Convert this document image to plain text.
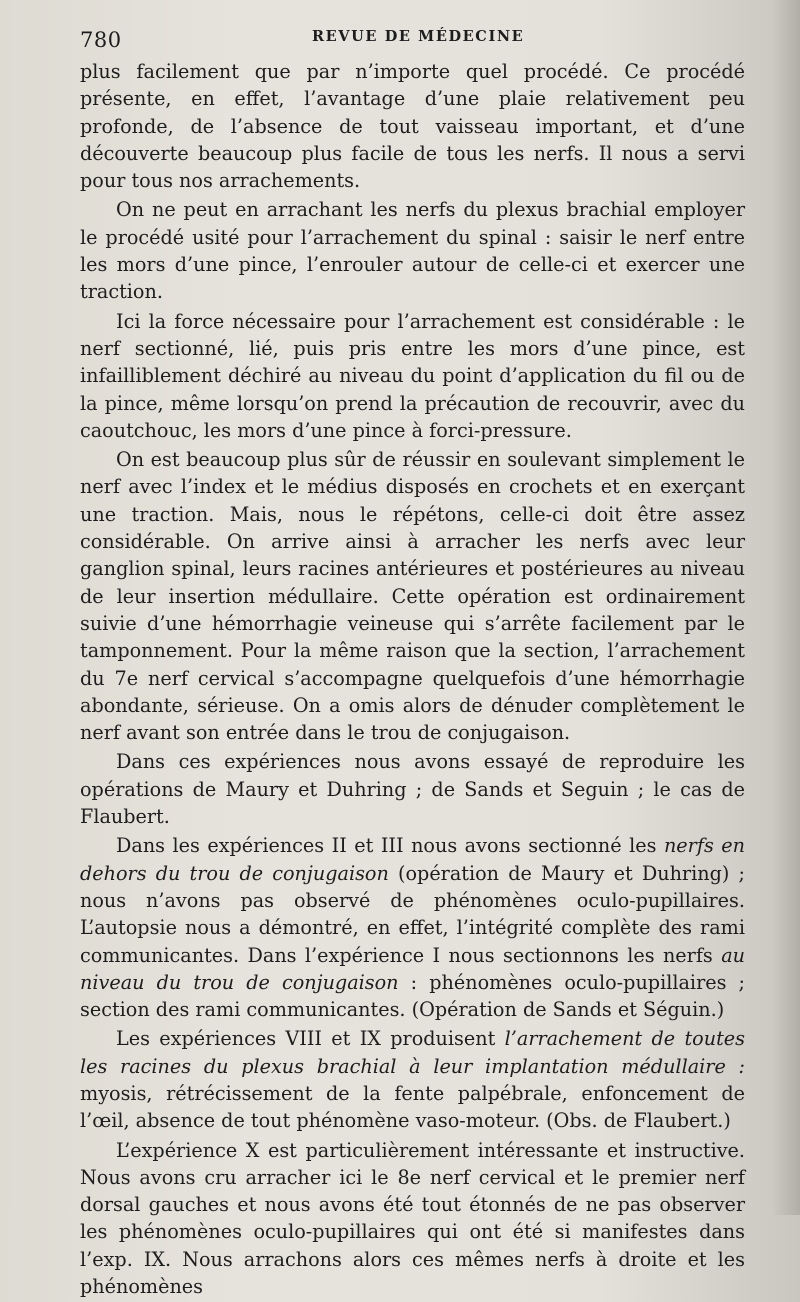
780	REVUE DE MÉDECINE

plus facilement que par n’importe quel procédé. Ce procédé présente, en effet, l’avantage d’une plaie relativement peu profonde, de l’absence de tout vaisseau important, et d’une découverte beaucoup plus facile de tous les nerfs. Il nous a servi pour tous nos arrachements.

On ne peut en arrachant les nerfs du plexus brachial employer le procédé usité pour l’arrachement du spinal : saisir le nerf entre les mors d’une pince, l’enrouler autour de celle-ci et exercer une traction.

Ici la force nécessaire pour l’arrachement est considérable : le nerf sectionné, lié, puis pris entre les mors d’une pince, est infailliblement déchiré au niveau du point d’application du fil ou de la pince, même lorsqu’on prend la précaution de recouvrir, avec du caoutchouc, les mors d’une pince à forci-pressure.

On est beaucoup plus sûr de réussir en soulevant simplement le nerf avec l’index et le médius disposés en crochets et en exerçant une traction. Mais, nous le répétons, celle-ci doit être assez considérable. On arrive ainsi à arracher les nerfs avec leur ganglion spinal, leurs racines antérieures et postérieures au niveau de leur insertion médullaire. Cette opération est ordinairement suivie d’une hémorrhagie veineuse qui s’arrête facilement par le tamponnement. Pour la même raison que la section, l’arrachement du 7e nerf cervical s’accompagne quelquefois d’une hémorrhagie abondante, sérieuse. On a omis alors de dénuder complètement le nerf avant son entrée dans le trou de conjugaison.

Dans ces expériences nous avons essayé de reproduire les opérations de Maury et Duhring ; de Sands et Seguin ; le cas de Flaubert.

Dans les expériences II et III nous avons sectionné les nerfs en dehors du trou de conjugaison (opération de Maury et Duhring) ; nous n’avons pas observé de phénomènes oculo-pupillaires. L’autopsie nous a démontré, en effet, l’intégrité complète des rami communicantes. Dans l’expérience I nous sectionnons les nerfs au niveau du trou de conjugaison : phénomènes oculo-pupillaires ; section des rami communicantes. (Opération de Sands et Séguin.)

Les expériences VIII et IX produisent l’arrachement de toutes les racines du plexus brachial à leur implantation médullaire : myosis, rétrécissement de la fente palpébrale, enfoncement de l’œil, absence de tout phénomène vaso-moteur. (Obs. de Flaubert.)

L’expérience X est particulièrement intéressante et instructive. Nous avons cru arracher ici le 8e nerf cervical et le premier nerf dorsal gauches et nous avons été tout étonnés de ne pas observer les phénomènes oculo-pupillaires qui ont été si manifestes dans l’exp. IX. Nous arrachons alors ces mêmes nerfs à droite et les phénomènes
